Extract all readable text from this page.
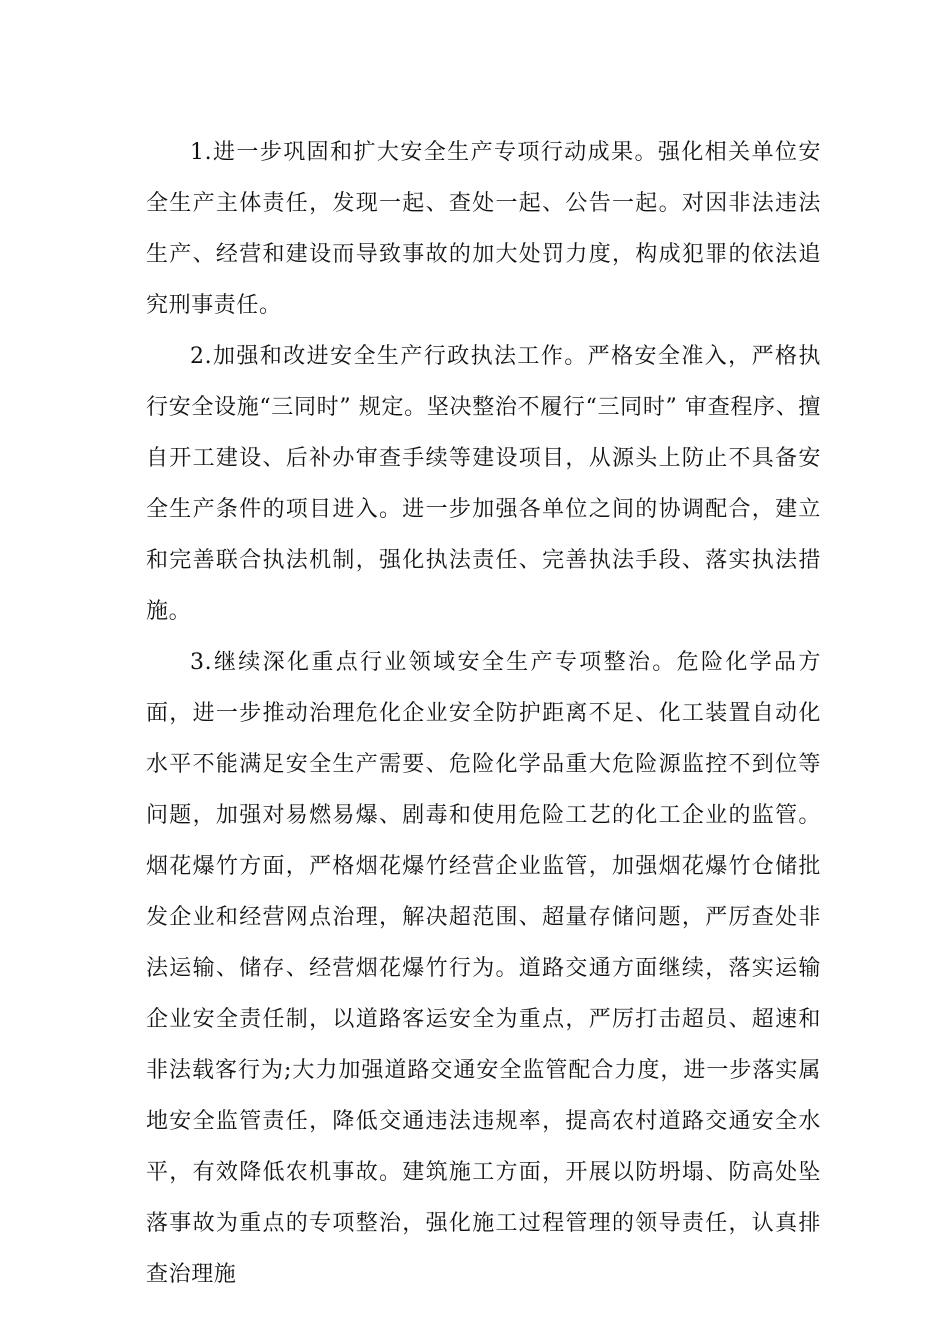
1.进一步巩固和扩大安全生产专项行动成果。强化相关单位安全生产主体责任，发现一起、查处一起、公告一起。对因非法违法生产、经营和建设而导致事故的加大处罚力度，构成犯罪的依法追究刑事责任。

2.加强和改进安全生产行政执法工作。严格安全准入，严格执行安全设施“三同时” 规定。坚决整治不履行“三同时” 审查程序、擅自开工建设、后补办审查手续等建设项目，从源头上防止不具备安全生产条件的项目进入。进一步加强各单位之间的协调配合，建立和完善联合执法机制，强化执法责任、完善执法手段、落实执法措施。

3.继续深化重点行业领域安全生产专项整治。危险化学品方面，进一步推动治理危化企业安全防护距离不足、化工装置自动化水平不能满足安全生产需要、危险化学品重大危险源监控不到位等问题，加强对易燃易爆、剧毒和使用危险工艺的化工企业的监管。烟花爆竹方面，严格烟花爆竹经营企业监管，加强烟花爆竹仓储批发企业和经营网点治理，解决超范围、超量存储问题，严厉查处非法运输、储存、经营烟花爆竹行为。道路交通方面继续，落实运输企业安全责任制，以道路客运安全为重点，严厉打击超员、超速和非法载客行为;大力加强道路交通安全监管配合力度，进一步落实属地安全监管责任，降低交通违法违规率，提高农村道路交通安全水平，有效降低农机事故。建筑施工方面，开展以防坍塌、防高处坠落事故为重点的专项整治，强化施工过程管理的领导责任，认真排查治理施
